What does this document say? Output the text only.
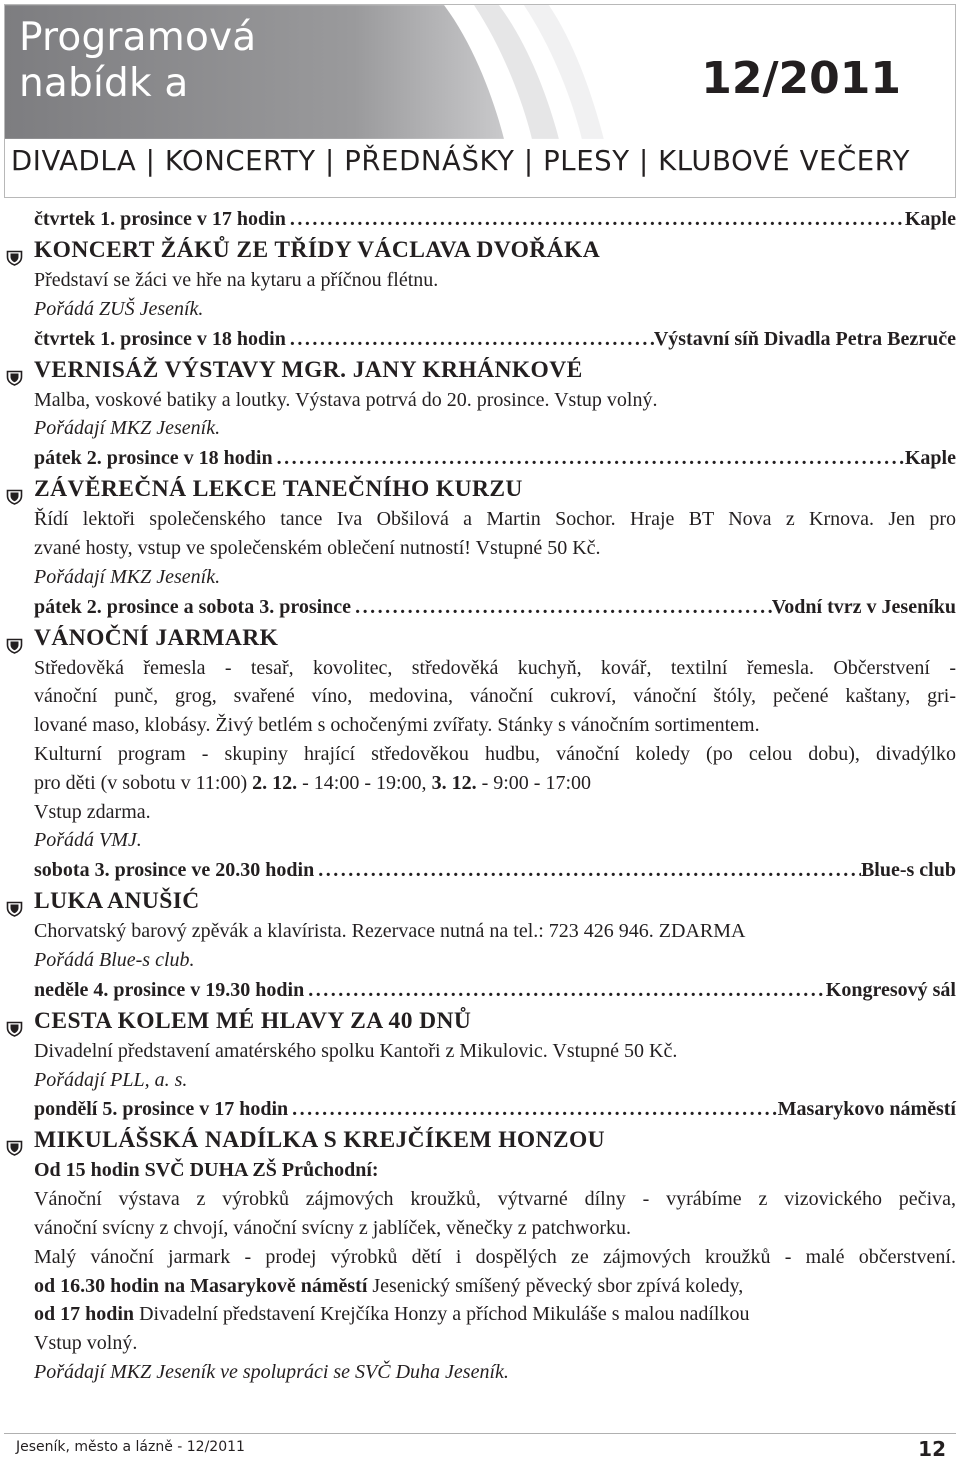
Programová
nabídk a	12/2011
DIVADLA | KONCERTY | PŘEDNÁŠKY | PLESY | KLUBOVÉ VEČERY
čtvrtek 1. prosince v 17 hodin .....	Kaple
KONCERT ŽÁKŮ ZE TŘÍDY VÁCLAVA DVOŘÁKA
Představí se žáci ve hře na kytaru a příčnou flétnu.
Pořádá ZUŠ Jeseník.
čtvrtek 1. prosince v 18 hodin .....	Výstavní síň Divadla Petra Bezruče
VERNISÁŽ VÝSTAVY MGR. JANY KRHÁNKOVÉ
Malba, voskové batiky a loutky. Výstava potrvá do 20. prosince. Vstup volný.
Pořádají MKZ Jeseník.
pátek 2. prosince v 18 hodin .....	Kaple
ZÁVĚREČNÁ LEKCE TANEČNÍHO KURZU
Řídí lektoři společenského tance Iva Obšilová a Martin Sochor. Hraje BT Nova z Krnova. Jen pro
zvané hosty, vstup ve společenském oblečení nutností! Vstupné 50 Kč.
Pořádají MKZ Jeseník.
pátek 2. prosince a sobota 3. prosince .....	Vodní tvrz v Jeseníku
VÁNOČNÍ JARMARK
Středověká řemesla - tesař, kovolitec, středověká kuchyň, kovář, textilní řemesla. Občerstvení -
vánoční punč, grog, svařené víno, medovina, vánoční cukroví, vánoční štóly, pečené kaštany, gri-
lované maso, klobásy. Živý betlém s ochočenými zvířaty. Stánky s vánočním sortimentem.
Kulturní program - skupiny hrající středověkou hudbu, vánoční koledy (po celou dobu), divadýlko
pro děti (v sobotu v 11:00) 2. 12. - 14:00 - 19:00, 3. 12. - 9:00 - 17:00
Vstup zdarma.
Pořádá VMJ.
sobota 3. prosince ve 20.30 hodin .....	Blue-s club
LUKA ANUŠIĆ
Chorvatský barový zpěvák a klavírista. Rezervace nutná na tel.: 723 426 946. ZDARMA
Pořádá Blue-s club.
neděle 4. prosince v 19.30 hodin .....	Kongresový sál
CESTA KOLEM MÉ HLAVY ZA 40 DNŮ
Divadelní představení amatérského spolku Kantoři z Mikulovic. Vstupné 50 Kč.
Pořádají PLL, a. s.
pondělí 5. prosince v 17 hodin .....	Masarykovo náměstí
MIKULÁŠSKÁ NADÍLKA S KREJČÍKEM HONZOU
Od 15 hodin SVČ DUHA ZŠ Průchodní:
Vánoční výstava z výrobků zájmových kroužků, výtvarné dílny - vyrábíme z vizovického pečiva,
vánoční svícny z chvojí, vánoční svícny z jablíček, věnečky z patchworku.
Malý vánoční jarmark - prodej výrobků dětí i dospělých ze zájmových kroužků - malé občerstvení.
od 16.30 hodin na Masarykově náměstí Jesenický smíšený pěvecký sbor zpívá koledy,
od 17 hodin Divadelní představení Krejčíka Honzy a příchod Mikuláše s malou nadílkou
Vstup volný.
Pořádají MKZ Jeseník ve spolupráci se SVČ Duha Jeseník.
Jeseník, město a lázně - 12/2011	12
